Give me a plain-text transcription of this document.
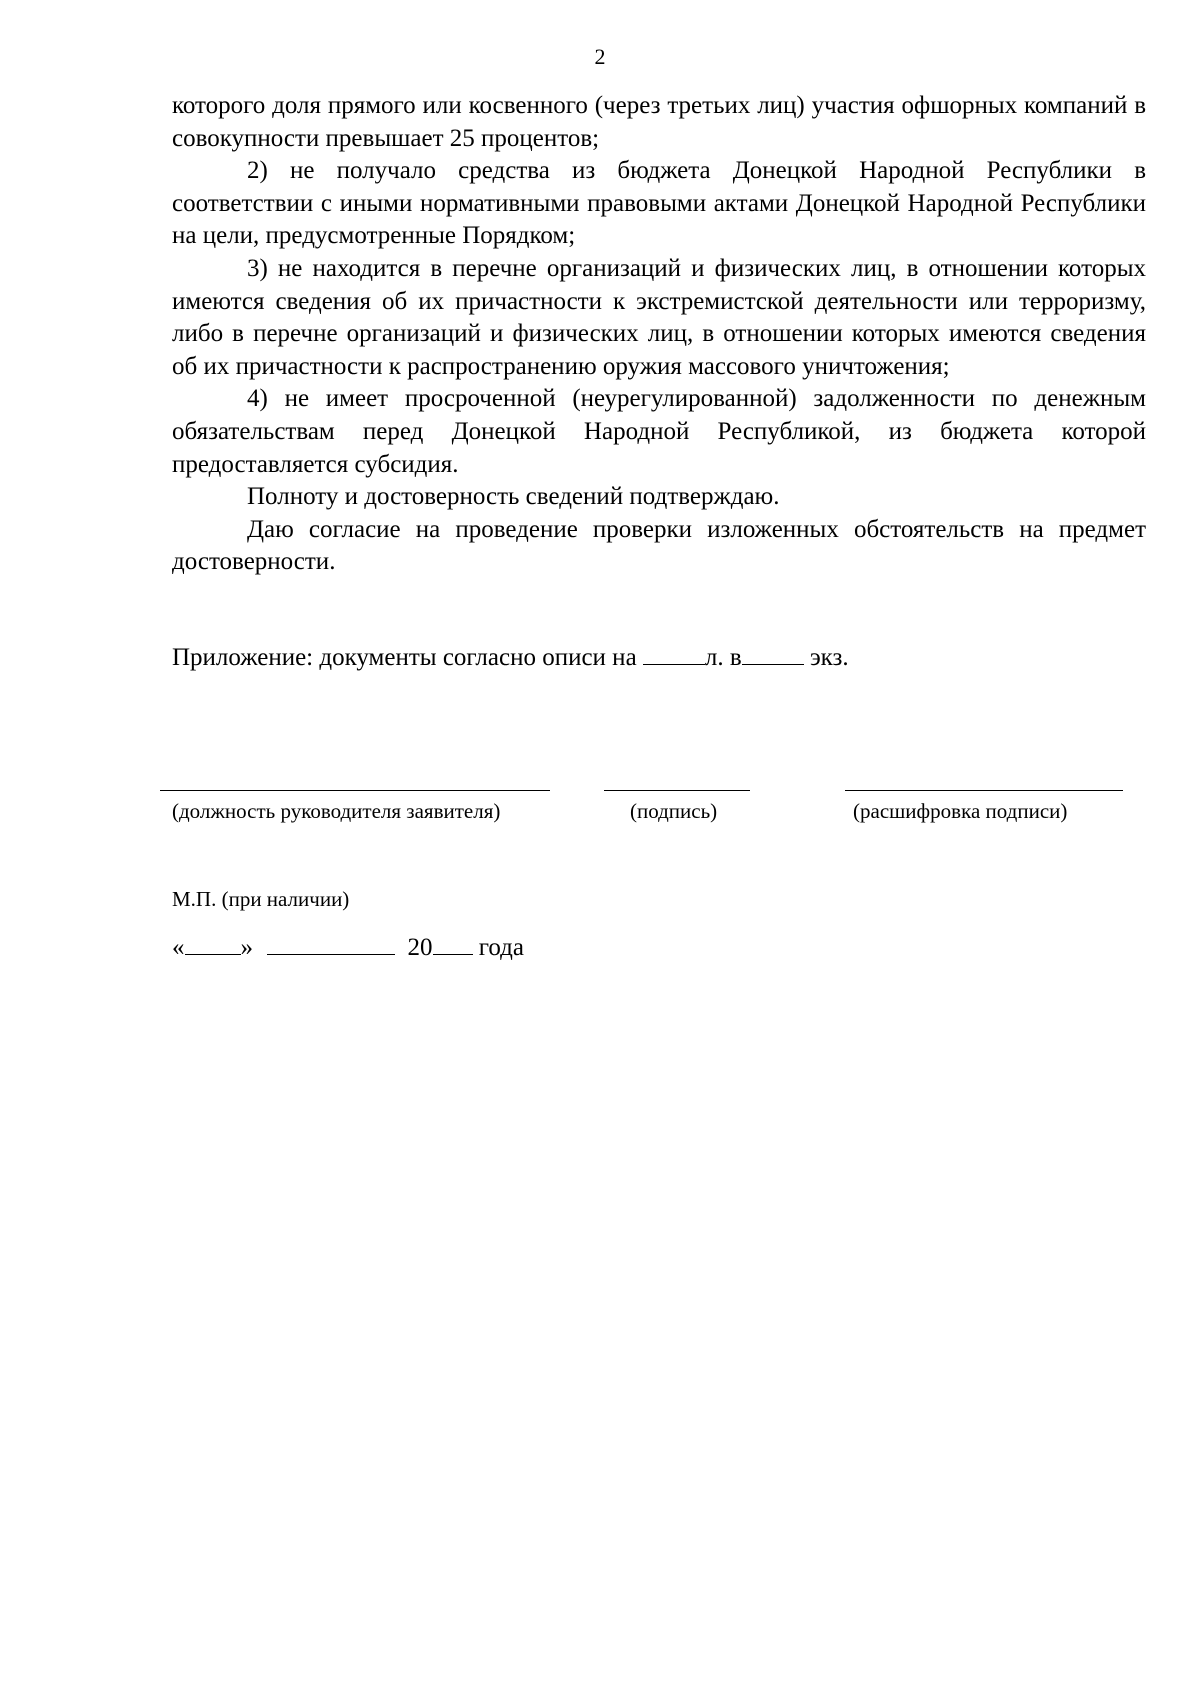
2

которого доля прямого или косвенного (через третьих лиц) участия офшорных компаний в совокупности превышает 25 процентов;

2) не получало средства из бюджета Донецкой Народной Республики в соответствии с иными нормативными правовыми актами Донецкой Народной Республики на цели, предусмотренные Порядком;

3) не находится в перечне организаций и физических лиц, в отношении которых имеются сведения об их причастности к экстремистской деятельности или терроризму, либо в перечне организаций и физических лиц, в отношении которых имеются сведения об их причастности к распространению оружия массового уничтожения;

4) не имеет просроченной (неурегулированной) задолженности по денежным обязательствам перед Донецкой Народной Республикой, из бюджета которой предоставляется субсидия.

Полноту и достоверность сведений подтверждаю.

Даю согласие на проведение проверки изложенных обстоятельств на предмет достоверности.

Приложение: документы согласно описи на л. в экз.
(должность руководителя заявителя)	(подпись)	(расшифровка подписи)
М.П. (при наличии)
« »	20 года
